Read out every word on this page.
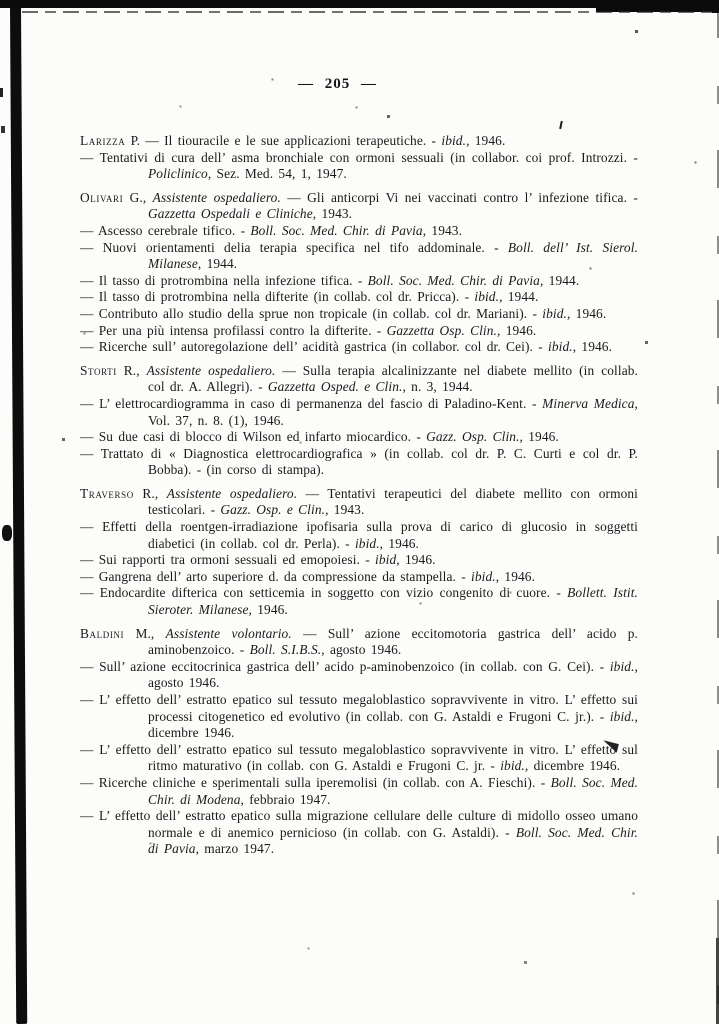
— 205 —

Larizza P. — Il tiouracile e le sue applicazioni terapeutiche. - ibid., 1946.

— Tentativi di cura dell’ asma bronchiale con ormoni sessuali (in collabor. coi prof. Introzzi. - Policlinico, Sez. Med. 54, 1, 1947.

Olivari G., Assistente ospedaliero. — Gli anticorpi Vi nei vaccinati contro l’ infezione tifica. - Gazzetta Ospedali e Cliniche, 1943.

— Ascesso cerebrale tifico. - Boll. Soc. Med. Chir. di Pavia, 1943.

— Nuovi orientamenti delia terapia specifica nel tifo addominale. - Boll. dell’ Ist. Sierol. Milanese, 1944.

— Il tasso di protrombina nella infezione tifica. - Boll. Soc. Med. Chir. di Pavia, 1944.

— Il tasso di protrombina nella difterite (in collab. col dr. Pricca). - ibid., 1944.

— Contributo allo studio della sprue non tropicale (in collab. col dr. Mariani). - ibid., 1946.

— Per una più intensa profilassi contro la difterite. - Gazzetta Osp. Clin., 1946.

— Ricerche sull’ autoregolazione dell’ acidità gastrica (in collabor. col dr. Cei). - ibid., 1946.

Storti R., Assistente ospedaliero. — Sulla terapia alcalinizzante nel diabete mellito (in collab. col dr. A. Allegri). - Gazzetta Osped. e Clin., n. 3, 1944.

— L’ elettrocardiogramma in caso di permanenza del fascio di Paladino-Kent. - Minerva Medica, Vol. 37, n. 8. (1), 1946.

— Su due casi di blocco di Wilson ed infarto miocardico. - Gazz. Osp. Clin., 1946.

— Trattato di « Diagnostica elettrocardiografica » (in collab. col dr. P. C. Curti e col dr. P. Bobba). - (in corso di stampa).

Traverso R., Assistente ospedaliero. — Tentativi terapeutici del diabete mellito con ormoni testicolari. - Gazz. Osp. e Clin., 1943.

— Effetti della roentgen-irradiazione ipofisaria sulla prova di carico di glucosio in soggetti diabetici (in collab. col dr. Perla). - ibid., 1946.

— Sui rapporti tra ormoni sessuali ed emopoiesi. - ibid, 1946.

— Gangrena dell’ arto superiore d. da compressione da stampella. - ibid., 1946.

— Endocardite difterica con setticemia in soggetto con vizio congenito di cuore. - Bollett. Istit. Sieroter. Milanese, 1946.

Baldini M., Assistente volontario. — Sull’ azione eccitomotoria gastrica dell’ acido p. aminobenzoico. - Boll. S.I.B.S., agosto 1946.

— Sull’ azione eccitocrinica gastrica dell’ acido p-aminobenzoico (in collab. con G. Cei). - ibid., agosto 1946.

— L’ effetto dell’ estratto epatico sul tessuto megaloblastico sopravvivente in vitro. L’ effetto sui processi citogenetico ed evolutivo (in collab. con G. Astaldi e Frugoni C. jr.). - ibid., dicembre 1946.

— L’ effetto dell’ estratto epatico sul tessuto megaloblastico sopravvivente in vitro. L’ effetto sul ritmo maturativo (in collab. con G. Astaldi e Frugoni C. jr. - ibid., dicembre 1946.

— Ricerche cliniche e sperimentali sulla iperemolisi (in collab. con A. Fieschi). - Boll. Soc. Med. Chir. di Modena, febbraio 1947.

— L’ effetto dell’ estratto epatico sulla migrazione cellulare delle culture di midollo osseo umano normale e di anemico pernicioso (in collab. con G. Astaldi). - Boll. Soc. Med. Chir. di Pavia, marzo 1947.
